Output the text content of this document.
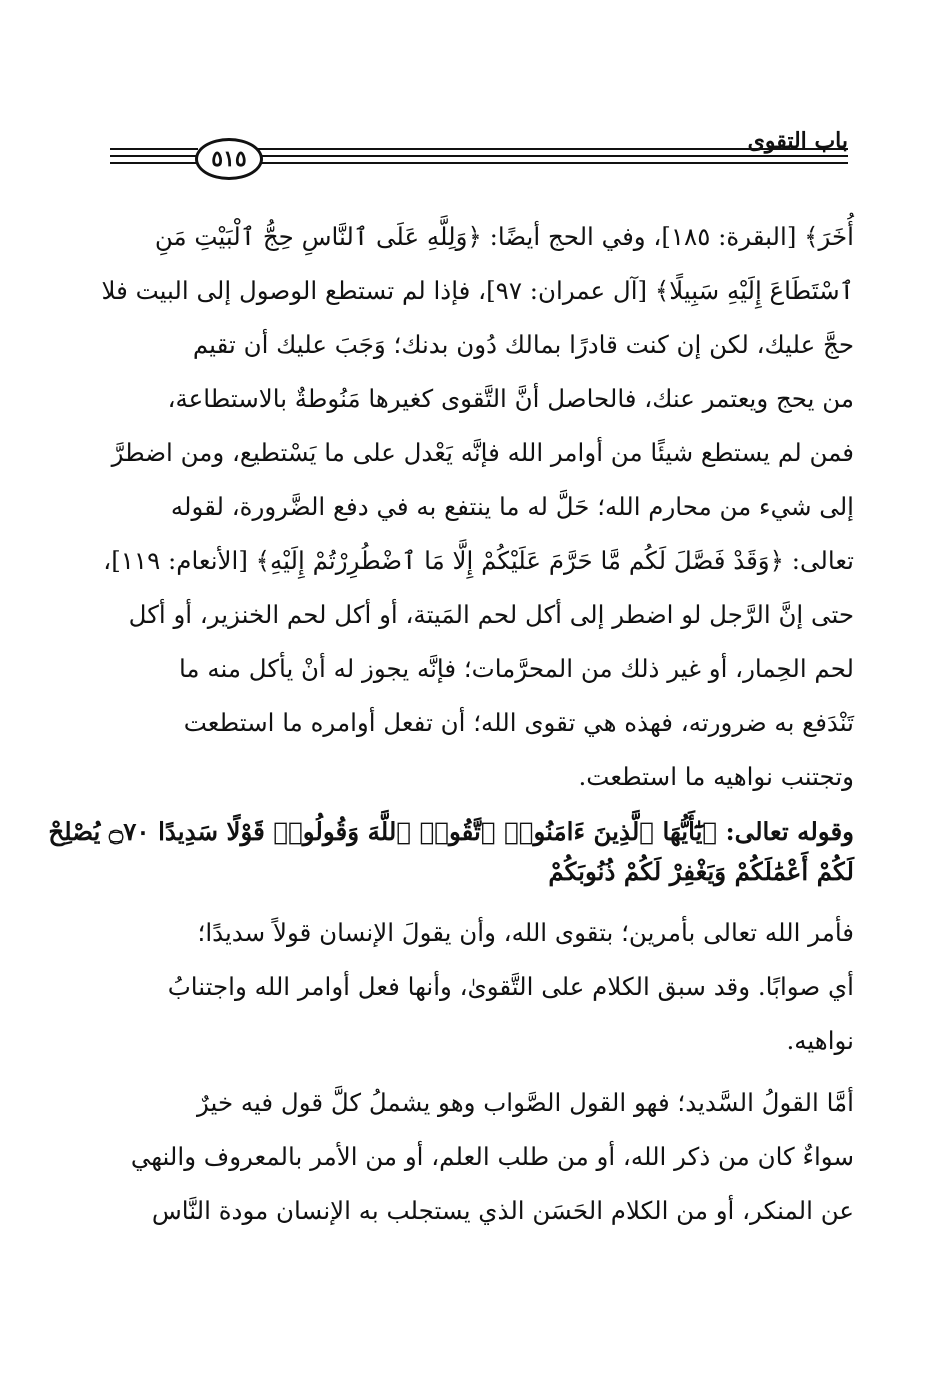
باب التقوى
٥١٥
أُخَرَ﴾ [البقرة: ١٨٥]، وفي الحج أيضًا: ﴿وَلِلَّهِ عَلَى ٱلنَّاسِ حِجُّ ٱلْبَيْتِ مَنِ
ٱسْتَطَاعَ إِلَيْهِ سَبِيلًا﴾ [آل عمران: ٩٧]، فإذا لم تستطع الوصول إلى البيت فلا
حجَّ عليك، لكن إن كنت قادرًا بمالك دُون بدنك؛ وَجَبَ عليك أن تقيم
من يحج ويعتمر عنك، فالحاصل أنَّ التَّقوى كغيرها مَنُوطةٌ بالاستطاعة،
فمن لم يستطع شيئًا من أوامر الله فإنَّه يَعْدل على ما يَسْتطيع، ومن اضطرَّ
إلى شيء من محارم الله؛ حَلَّ له ما ينتفع به في دفع الضَّرورة، لقوله
تعالى: ﴿وَقَدْ فَصَّلَ لَكُم مَّا حَرَّمَ عَلَيْكُمْ إِلَّا مَا ٱضْطُرِرْتُمْ إِلَيْهِ﴾ [الأنعام: ١١٩]،
حتى إنَّ الرَّجل لو اضطر إلى أكل لحم المَيتة، أو أكل لحم الخنزير، أو أكل
لحم الحِمار، أو غير ذلك من المحرَّمات؛ فإنَّه يجوز له أنْ يأكل منه ما
تَنْدَفع به ضرورته، فهذه هي تقوى الله؛ أن تفعل أوامره ما استطعت
وتجتنب نواهيه ما استطعت.
وقوله تعالى: ﴿يَٰٓأَيُّهَا ٱلَّذِينَ ءَامَنُوا۟ ٱتَّقُوا۟ ٱللَّهَ وَقُولُوا۟ قَوْلًا سَدِيدًا ۝٧٠ يُصْلِحْ
لَكُمْ أَعْمَٰلَكُمْ وَيَغْفِرْ لَكُمْ ذُنُوبَكُمْ
فأمر الله تعالى بأمرين؛ بتقوى الله، وأن يقولَ الإنسان قولاً سديدًا؛
أي صوابًا. وقد سبق الكلام على التَّقوىٰ، وأنها فعل أوامر الله واجتنابُ
نواهيه.
أمَّا القولُ السَّديد؛ فهو القول الصَّواب وهو يشملُ كلَّ قول فيه خيرٌ
سواءٌ كان من ذكر الله، أو من طلب العلم، أو من الأمر بالمعروف والنهي
عن المنكر، أو من الكلام الحَسَن الذي يستجلب به الإنسان مودة النَّاس
